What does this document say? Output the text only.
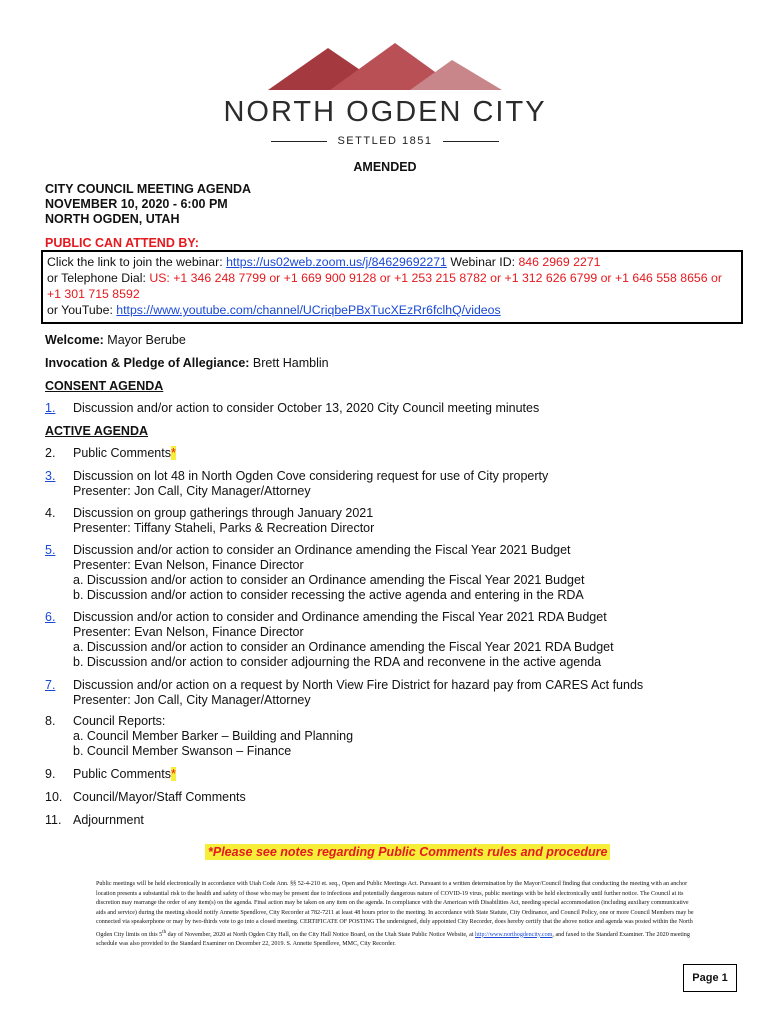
NORTH OGDEN CITY
SETTLED 1851
AMENDED
CITY COUNCIL MEETING AGENDA
NOVEMBER 10, 2020 - 6:00 PM
NORTH OGDEN, UTAH
PUBLIC CAN ATTEND BY:
Click the link to join the webinar: https://us02web.zoom.us/j/84629692271 Webinar ID: 846 2969 2271
or Telephone Dial: US: +1 346 248 7799 or +1 669 900 9128 or +1 253 215 8782 or +1 312 626 6799 or +1 646 558 8656 or +1 301 715 8592
or YouTube: https://www.youtube.com/channel/UCriqbePBxTucXEzRr6fclhQ/videos
Welcome: Mayor Berube
Invocation & Pledge of Allegiance: Brett Hamblin
CONSENT AGENDA
1.	Discussion and/or action to consider October 13, 2020 City Council meeting minutes
ACTIVE AGENDA
2.	Public Comments*
3.	Discussion on lot 48 in North Ogden Cove considering request for use of City property
Presenter: Jon Call, City Manager/Attorney
4.	Discussion on group gatherings through January 2021
Presenter: Tiffany Staheli, Parks & Recreation Director
5.	Discussion and/or action to consider an Ordinance amending the Fiscal Year 2021 Budget
Presenter: Evan Nelson, Finance Director
a. Discussion and/or action to consider an Ordinance amending the Fiscal Year 2021 Budget
b. Discussion and/or action to consider recessing the active agenda and entering in the RDA
6.	Discussion and/or action to consider and Ordinance amending the Fiscal Year 2021 RDA Budget
Presenter: Evan Nelson, Finance Director
a. Discussion and/or action to consider an Ordinance amending the Fiscal Year 2021 RDA Budget
b. Discussion and/or action to consider adjourning the RDA and reconvene in the active agenda
7.	Discussion and/or action on a request by North View Fire District for hazard pay from CARES Act funds
Presenter: Jon Call, City Manager/Attorney
8.	Council Reports:
a. Council Member Barker – Building and Planning
b. Council Member Swanson – Finance
9.	Public Comments*
10. Council/Mayor/Staff Comments
11. Adjournment
*Please see notes regarding Public Comments rules and procedure
Public meetings will be held electronically in accordance with Utah Code Ann. §§ 52-4-210 et. seq., Open and Public Meetings Act. Pursuant to a written determination by the Mayor/Council finding that conducting the meeting with an anchor location presents a substantial risk to the health and safety of those who may be present due to infectious and potentially dangerous nature of COVID-19 virus, public meetings with be held electronically until further notice. The Council at its discretion may rearrange the order of any item(s) on the agenda. Final action may be taken on any item on the agenda. In compliance with the American with Disabilities Act, needing special accommodation (including auxiliary communicative aids and service) during the meeting should notify Annette Spendlove, City Recorder at 782-7211 at least 48 hours prior to the meeting. In accordance with State Statute, City Ordinance, and Council Policy, one or more Council Members may be connected via speakerphone or may by two-thirds vote to go into a closed meeting. CERTIFICATE OF POSTING The undersigned, duly appointed City Recorder, does hereby certify that the above notice and agenda was posted within the North Ogden City limits on this 5th day of November, 2020 at North Ogden City Hall, on the City Hall Notice Board, on the Utah State Public Notice Website, at http://www.northogdencity.com, and faxed to the Standard Examiner. The 2020 meeting schedule was also provided to the Standard Examiner on December 22, 2019. S. Annette Spendlove, MMC, City Recorder.
Page 1
